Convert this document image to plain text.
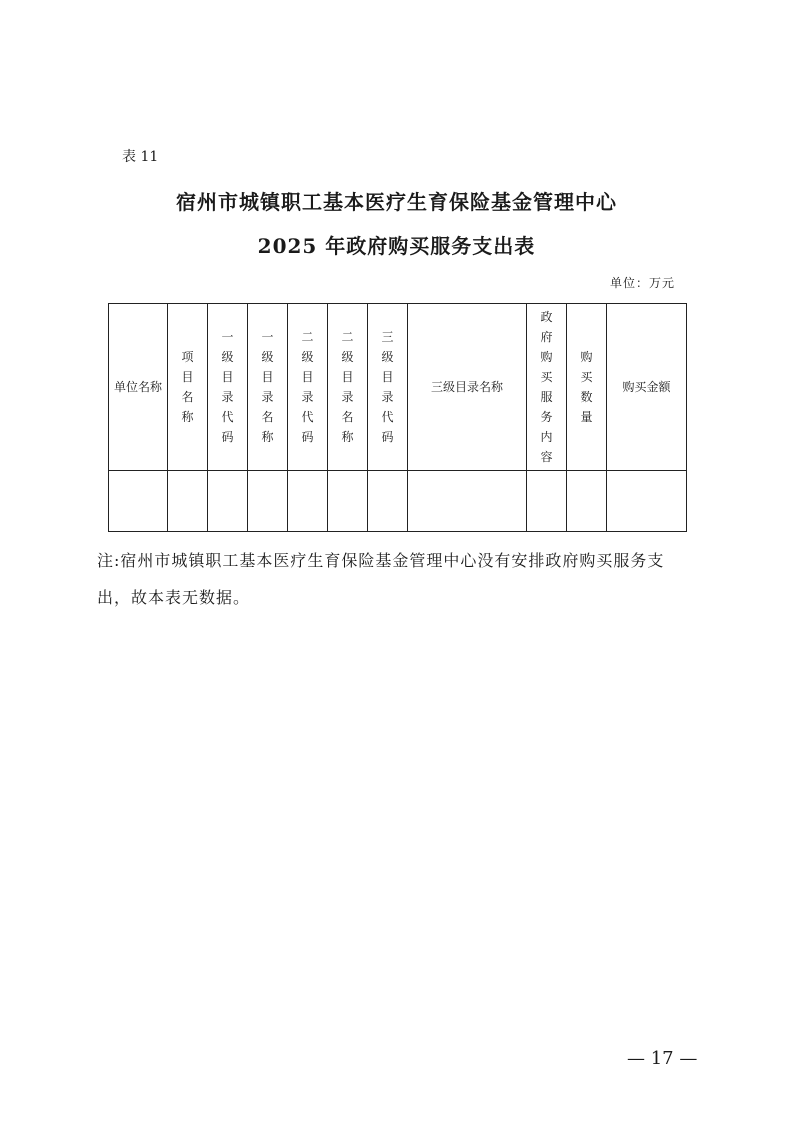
表 11
宿州市城镇职工基本医疗生育保险基金管理中心
2025 年政府购买服务支出表
单位：万元
单位名称	项目名称	一级目录代码	一级目录名称	二级目录代码	二级目录名称	三级目录代码	三级目录名称	政府购买服务内容	购买数量	购买金额

注:宿州市城镇职工基本医疗生育保险基金管理中心没有安排政府购买服务支出，故本表无数据。
— 17 —
